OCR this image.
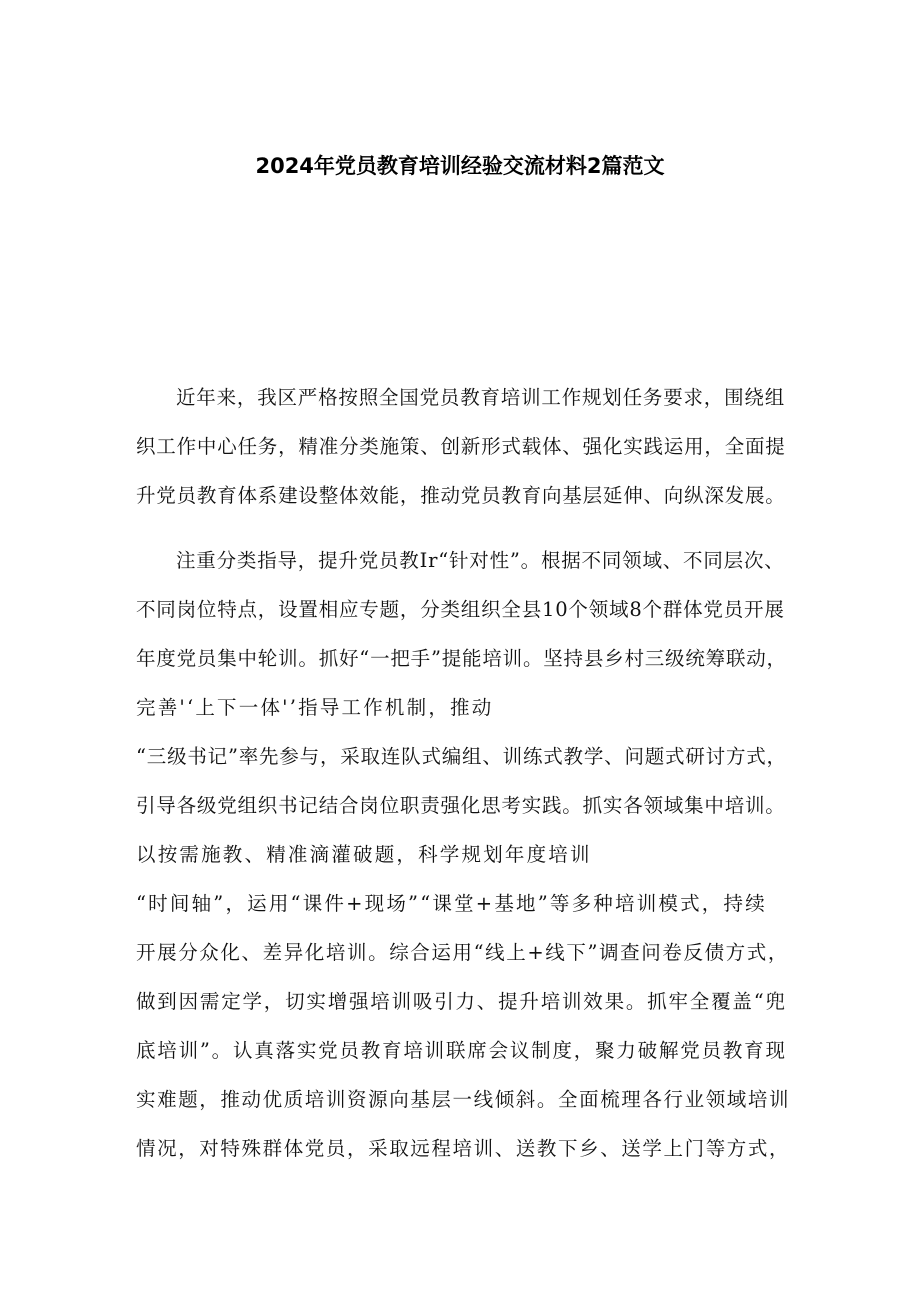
2024年党员教育培训经验交流材料2篇范文
近年来，我区严格按照全国党员教育培训工作规划任务要求，围绕组
织工作中心任务，精准分类施策、创新形式载体、强化实践运用，全面提
升党员教育体系建设整体效能，推动党员教育向基层延伸、向纵深发展。
注重分类指导，提升党员教Ir“针对性”。根据不同领域、不同层次、
不同岗位特点，设置相应专题，分类组织全县10个领域8个群体党员开展
年度党员集中轮训。抓好“一把手”提能培训。坚持县乡村三级统筹联动，
完善'‘上下一体'’指导工作机制，推动
“三级书记”率先参与，采取连队式编组、训练式教学、问题式研讨方式，
引导各级党组织书记结合岗位职责强化思考实践。抓实各领域集中培训。
以按需施教、精准滴灌破题，科学规划年度培训
“时间轴”，运用“课件+现场”“课堂+基地”等多种培训模式，持续
开展分众化、差异化培训。综合运用“线上+线下”调查问卷反债方式，
做到因需定学，切实增强培训吸引力、提升培训效果。抓牢全覆盖“兜
底培训”。认真落实党员教育培训联席会议制度，聚力破解党员教育现
实难题，推动优质培训资源向基层一线倾斜。全面梳理各行业领域培训
情况，对特殊群体党员，采取远程培训、送教下乡、送学上门等方式，
